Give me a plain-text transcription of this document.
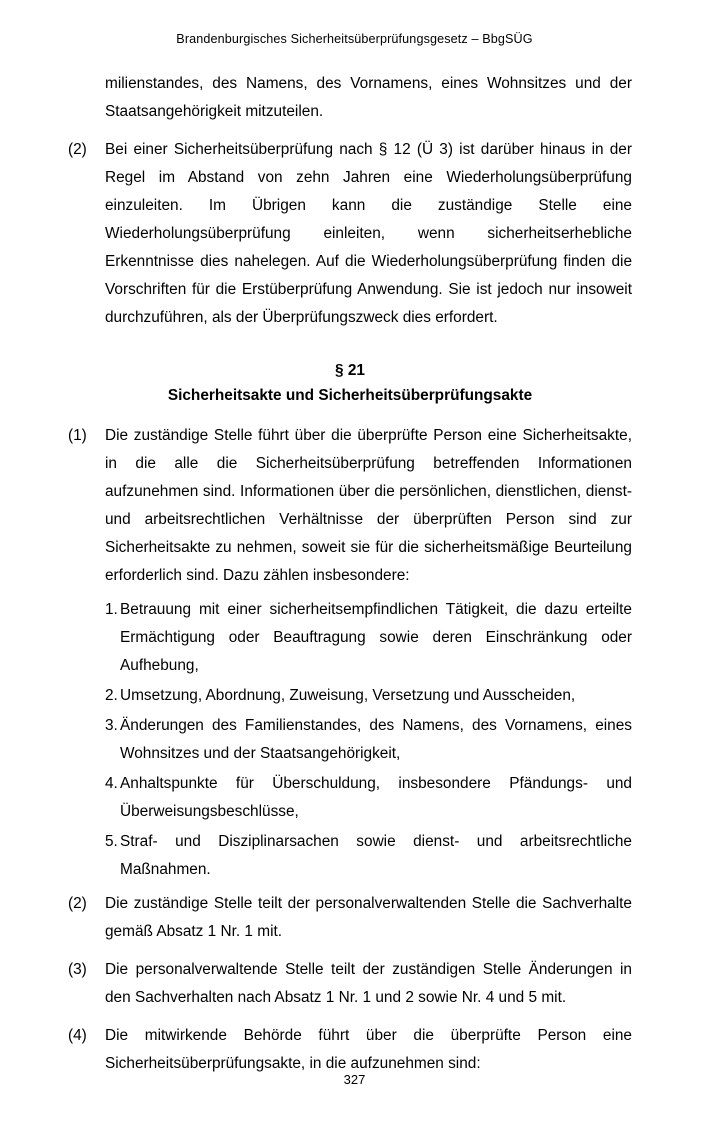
Brandenburgisches Sicherheitsüberprüfungsgesetz – BbgSÜG

milienstandes, des Namens, des Vornamens, eines Wohnsitzes und der Staatsangehörigkeit mitzuteilen.

(2)	Bei einer Sicherheitsüberprüfung nach § 12 (Ü 3) ist darüber hinaus in der Regel im Abstand von zehn Jahren eine Wiederholungsüberprüfung einzuleiten. Im Übrigen kann die zuständige Stelle eine Wiederholungsüberprüfung einleiten, wenn sicherheitserhebliche Erkenntnisse dies nahelegen. Auf die Wiederholungsüberprüfung finden die Vorschriften für die Erstüberprüfung Anwendung. Sie ist jedoch nur insoweit durchzuführen, als der Überprüfungszweck dies erfordert.

§ 21
Sicherheitsakte und Sicherheitsüberprüfungsakte

(1)	Die zuständige Stelle führt über die überprüfte Person eine Sicherheitsakte, in die alle die Sicherheitsüberprüfung betreffenden Informationen aufzunehmen sind. Informationen über die persönlichen, dienstlichen, dienst- und arbeitsrechtlichen Verhältnisse der überprüften Person sind zur Sicherheitsakte zu nehmen, soweit sie für die sicherheitsmäßige Beurteilung erforderlich sind. Dazu zählen insbesondere:

1. Betrauung mit einer sicherheitsempfindlichen Tätigkeit, die dazu erteilte Ermächtigung oder Beauftragung sowie deren Einschränkung oder Aufhebung,
2. Umsetzung, Abordnung, Zuweisung, Versetzung und Ausscheiden,
3. Änderungen des Familienstandes, des Namens, des Vornamens, eines Wohnsitzes und der Staatsangehörigkeit,
4. Anhaltspunkte für Überschuldung, insbesondere Pfändungs- und Überweisungsbeschlüsse,
5. Straf- und Disziplinarsachen sowie dienst- und arbeitsrechtliche Maßnahmen.

(2)	Die zuständige Stelle teilt der personalverwaltenden Stelle die Sachverhalte gemäß Absatz 1 Nr. 1 mit.

(3)	Die personalverwaltende Stelle teilt der zuständigen Stelle Änderungen in den Sachverhalten nach Absatz 1 Nr. 1 und 2 sowie Nr. 4 und 5 mit.

(4)	Die mitwirkende Behörde führt über die überprüfte Person eine Sicherheitsüberprüfungsakte, in die aufzunehmen sind:

327
